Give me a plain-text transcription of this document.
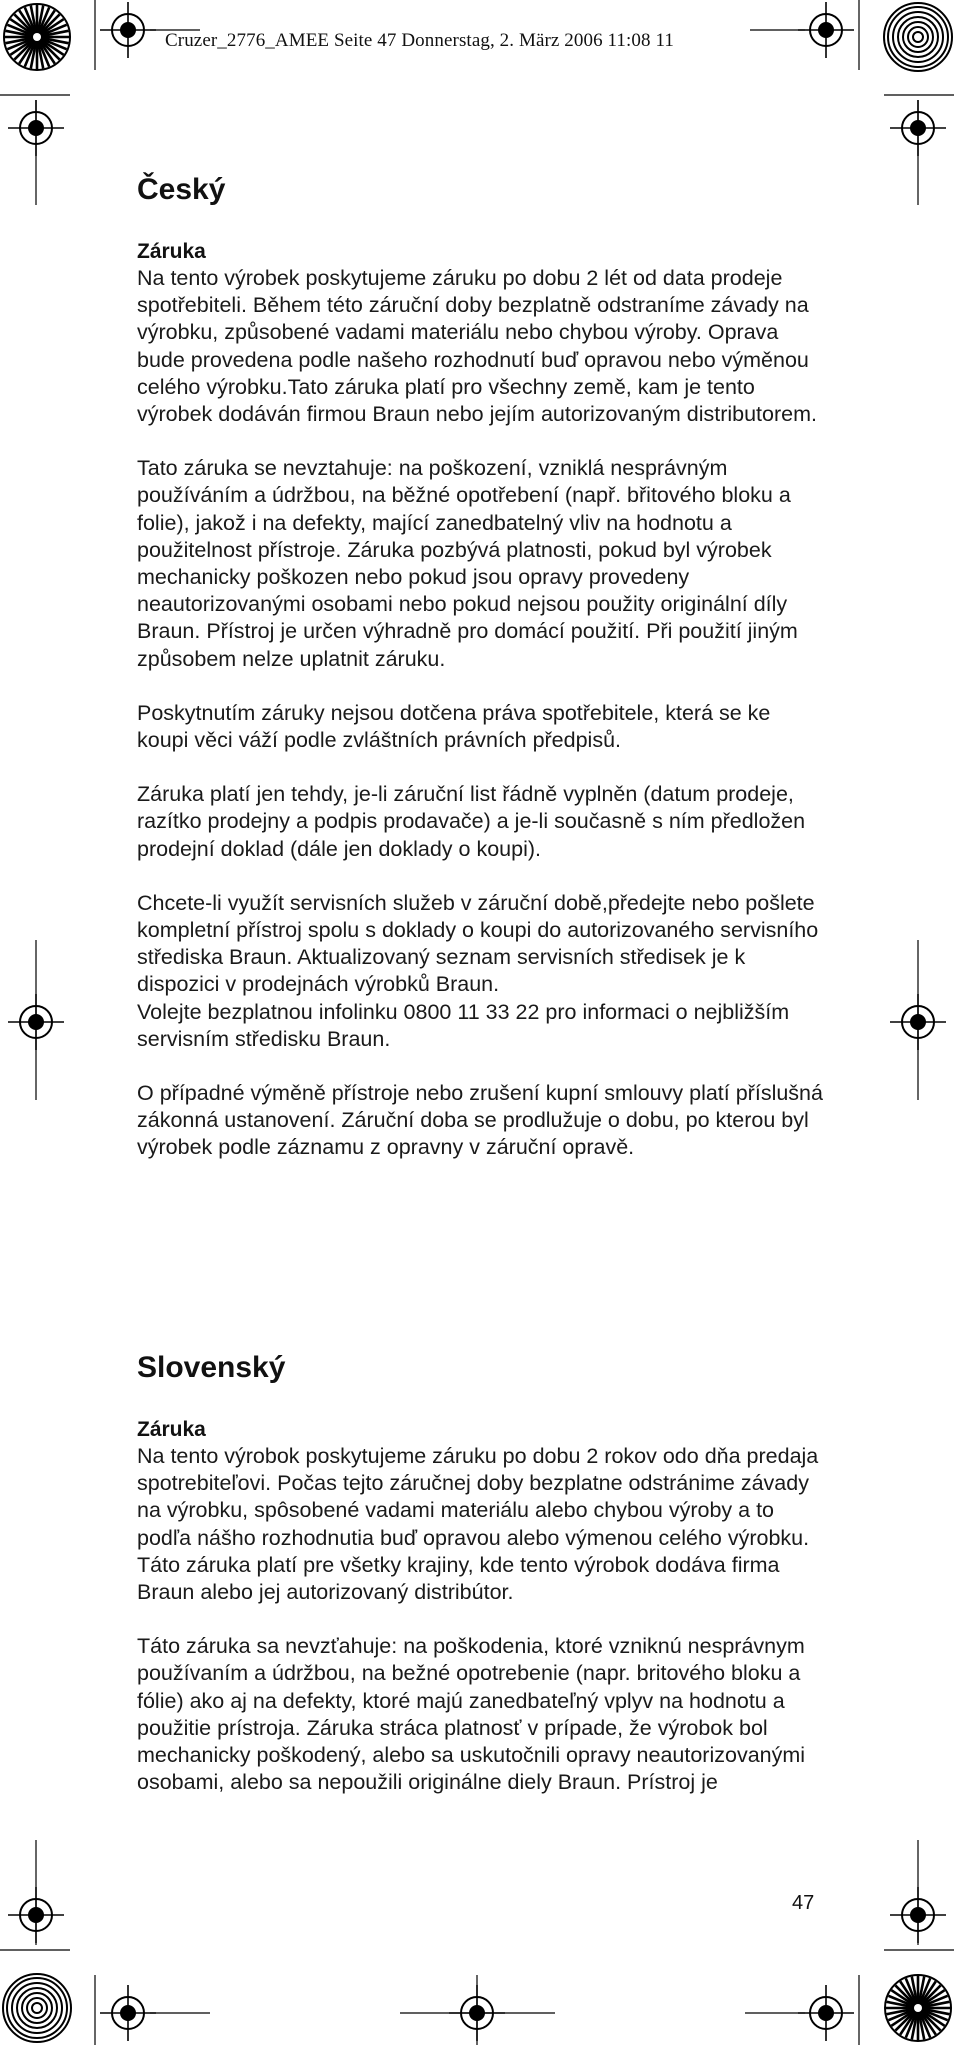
Cruzer_2776_AMEE Seite 47 Donnerstag, 2. März 2006 11:08 11
Český
Záruka

Na tento výrobek poskytujeme záruku po dobu 2 lét od data prodeje spotřebiteli. Během této záruční doby bezplatně odstraníme závady na výrobku, způsobené vadami materiálu nebo chybou výroby. Oprava bude provedena podle našeho rozhodnutí buď opravou nebo výměnou celého výrobku.Tato záruka platí pro všechny země, kam je tento výrobek dodáván firmou Braun nebo jejím autorizovaným distributorem.

Tato záruka se nevztahuje: na poškození, vzniklá nesprávným používáním a údržbou, na běžné opotřebení (např. břitového bloku a folie), jakož i na defekty, mající zanedbatelný vliv na hodnotu a použitelnost přístroje. Záruka pozbývá platnosti, pokud byl výrobek mechanicky poškozen nebo pokud jsou opravy provedeny neautorizovanými osobami nebo pokud nejsou použity originální díly Braun. Přístroj je určen výhradně pro domácí použití. Při použití jiným způsobem nelze uplatnit záruku.

Poskytnutím záruky nejsou dotčena práva spotřebitele, která se ke koupi věci váží podle zvláštních právních předpisů.

Záruka platí jen tehdy, je-li záruční list řádně vyplněn (datum prodeje, razítko prodejny a podpis prodavače) a je-li současně s ním předložen prodejní doklad (dále jen doklady o koupi).

Chcete-li využít servisních služeb v záruční době,předejte nebo pošlete kompletní přístroj spolu s doklady o koupi do autorizovaného servisního střediska Braun. Aktualizovaný seznam servisních středisek je k dispozici v prodejnách výrobků Braun.
Volejte bezplatnou infolinku 0800 11 33 22 pro informaci o nejbližším servisním středisku Braun.

O případné výměně přístroje nebo zrušení kupní smlouvy platí příslušná zákonná ustanovení. Záruční doba se prodlužuje o dobu, po kterou byl výrobek podle záznamu z opravny v záruční opravě.

Slovenský
Záruka

Na tento výrobok poskytujeme záruku po dobu 2 rokov odo dňa predaja spotrebiteľovi. Počas tejto záručnej doby bezplatne odstránime závady na výrobku, spôsobené vadami materiálu alebo chybou výroby a to podľa nášho rozhodnutia buď opravou alebo výmenou celého výrobku. Táto záruka platí pre všetky krajiny, kde tento výrobok dodáva firma Braun alebo jej autorizovaný distribútor.

Táto záruka sa nevzťahuje: na poškodenia, ktoré vzniknú nesprávnym používaním a údržbou, na bežné opotrebenie (napr. britového bloku a fólie) ako aj na defekty, ktoré majú zanedbateľný vplyv na hodnotu a použitie prístroja. Záruka stráca platnosť v prípade, že výrobok bol mechanicky poškodený, alebo sa uskutočnili opravy neautorizovanými osobami, alebo sa nepoužili originálne diely Braun. Prístroj je

47
